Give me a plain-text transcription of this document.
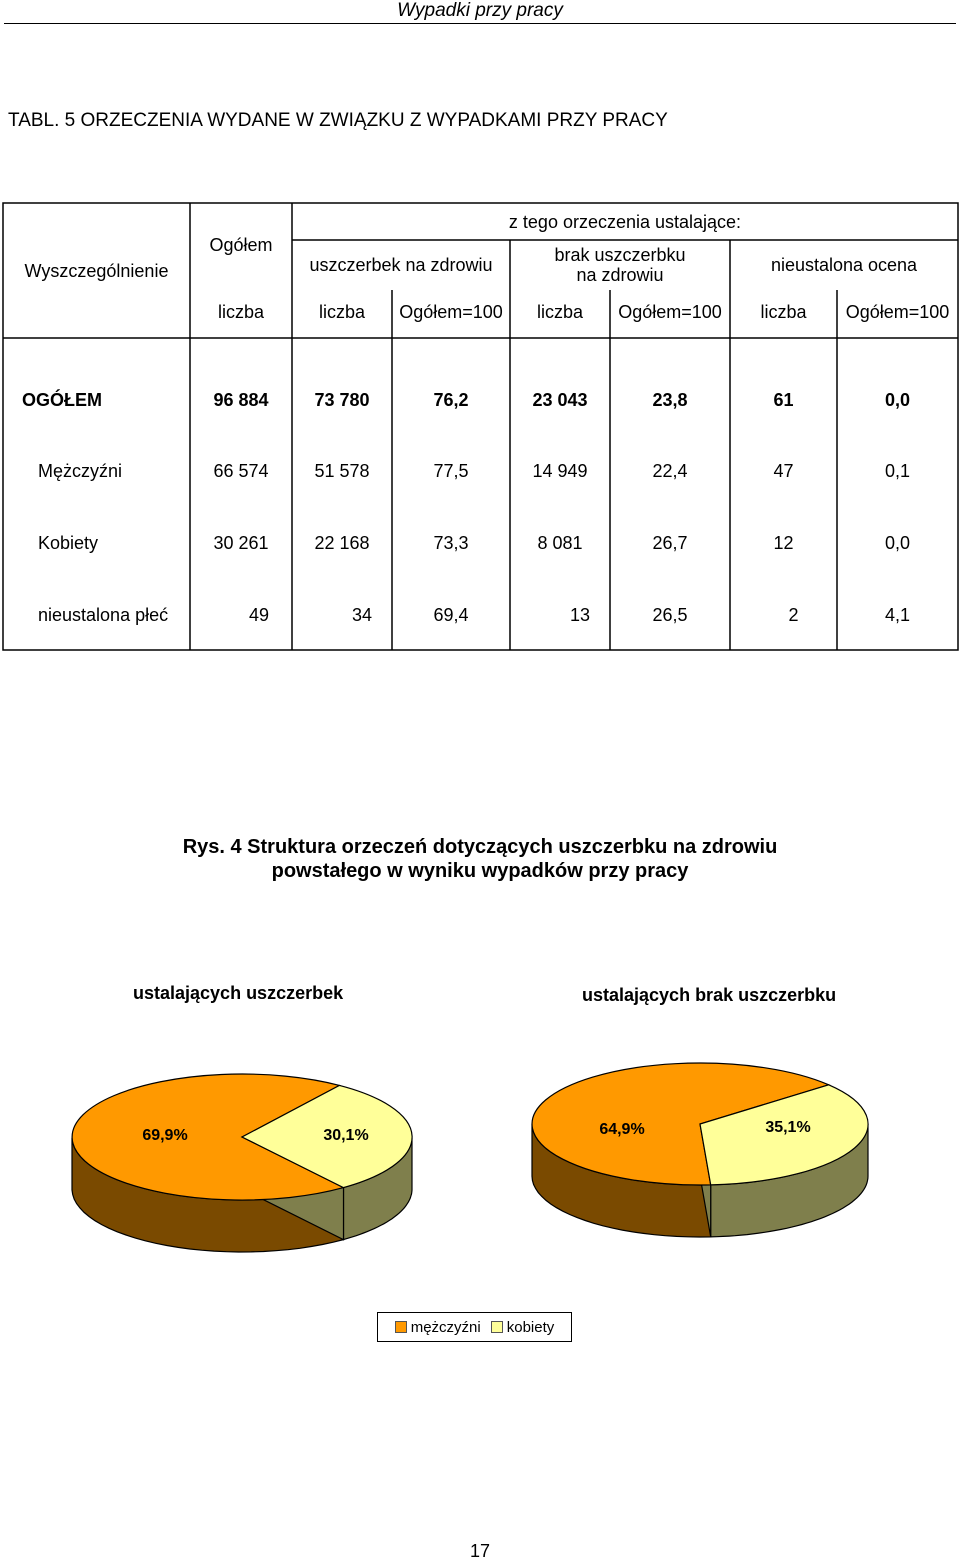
Wypadki przy pracy
TABL. 5 ORZECZENIA WYDANE W ZWIĄZKU Z WYPADKAMI PRZY PRACY
Wyszczególnienie
Ogółem
z tego orzeczenia ustalające:
uszczerbek na zdrowiu	brak uszczerbku na zdrowiu	nieustalona ocena
liczba	liczba	Ogółem=100	liczba	Ogółem=100	liczba	Ogółem=100
OGÓŁEM	96 884	73 780	76,2	23 043	23,8	61	0,0
Mężczyźni	66 574	51 578	77,5	14 949	22,4	47	0,1
Kobiety	30 261	22 168	73,3	8 081	26,7	12	0,0
nieustalona płeć	49	34	69,4	13	26,5	2	4,1
Rys. 4 Struktura orzeczeń dotyczących uszczerbku na zdrowiu
powstałego w wyniku wypadków przy pracy
ustalających uszczerbek	ustalających brak uszczerbku
69,9%	30,1%	64,9%	35,1%
mężczyźni kobiety
17
